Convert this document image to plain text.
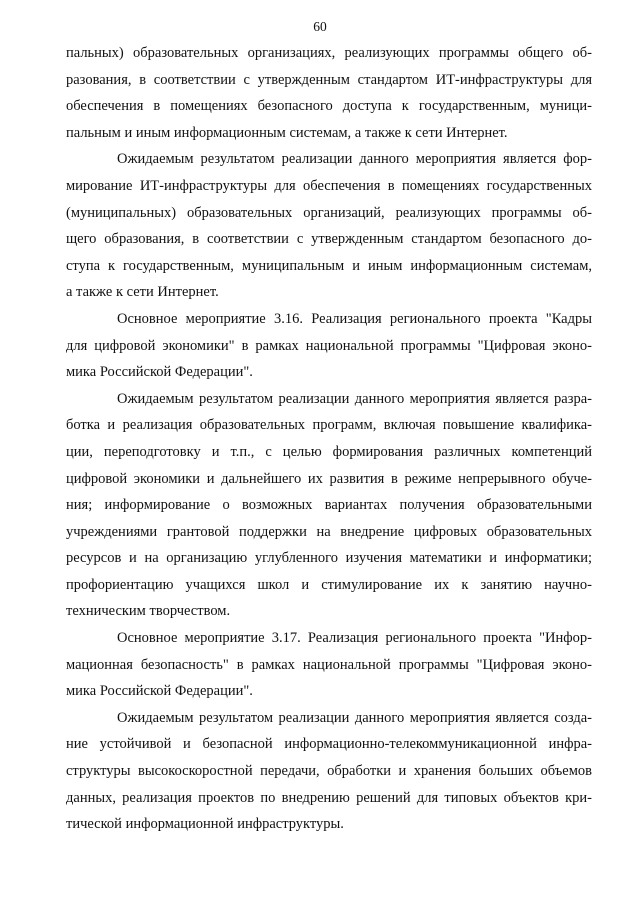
60
пальных) образовательных организациях, реализующих программы общего об-
разования, в соответствии с утвержденным стандартом ИТ-инфраструктуры для
обеспечения в помещениях безопасного доступа к государственным, муници-
пальным и иным информационным системам, а также к сети Интернет.
Ожидаемым результатом реализации данного мероприятия является фор-
мирование ИТ-инфраструктуры для обеспечения в помещениях государственных
(муниципальных) образовательных организаций, реализующих программы об-
щего образования, в соответствии с утвержденным стандартом безопасного до-
ступа к государственным, муниципальным и иным информационным системам,
а также к сети Интернет.
Основное мероприятие 3.16. Реализация регионального проекта "Кадры
для цифровой экономики" в рамках национальной программы "Цифровая эконо-
мика Российской Федерации".
Ожидаемым результатом реализации данного мероприятия является разра-
ботка и реализация образовательных программ, включая повышение квалифика-
ции, переподготовку и т.п., с целью формирования различных компетенций
цифровой экономики и дальнейшего их развития в режиме непрерывного обуче-
ния; информирование о возможных вариантах получения образовательными
учреждениями грантовой поддержки на внедрение цифровых образовательных
ресурсов и на организацию углубленного изучения математики и информатики;
профориентацию учащихся школ и стимулирование их к занятию научно-
техническим творчеством.
Основное мероприятие 3.17. Реализация регионального проекта "Инфор-
мационная безопасность" в рамках национальной программы "Цифровая эконо-
мика Российской Федерации".
Ожидаемым результатом реализации данного мероприятия является созда-
ние устойчивой и безопасной информационно-телекоммуникационной инфра-
структуры высокоскоростной передачи, обработки и хранения больших объемов
данных, реализация проектов по внедрению решений для типовых объектов кри-
тической информационной инфраструктуры.
